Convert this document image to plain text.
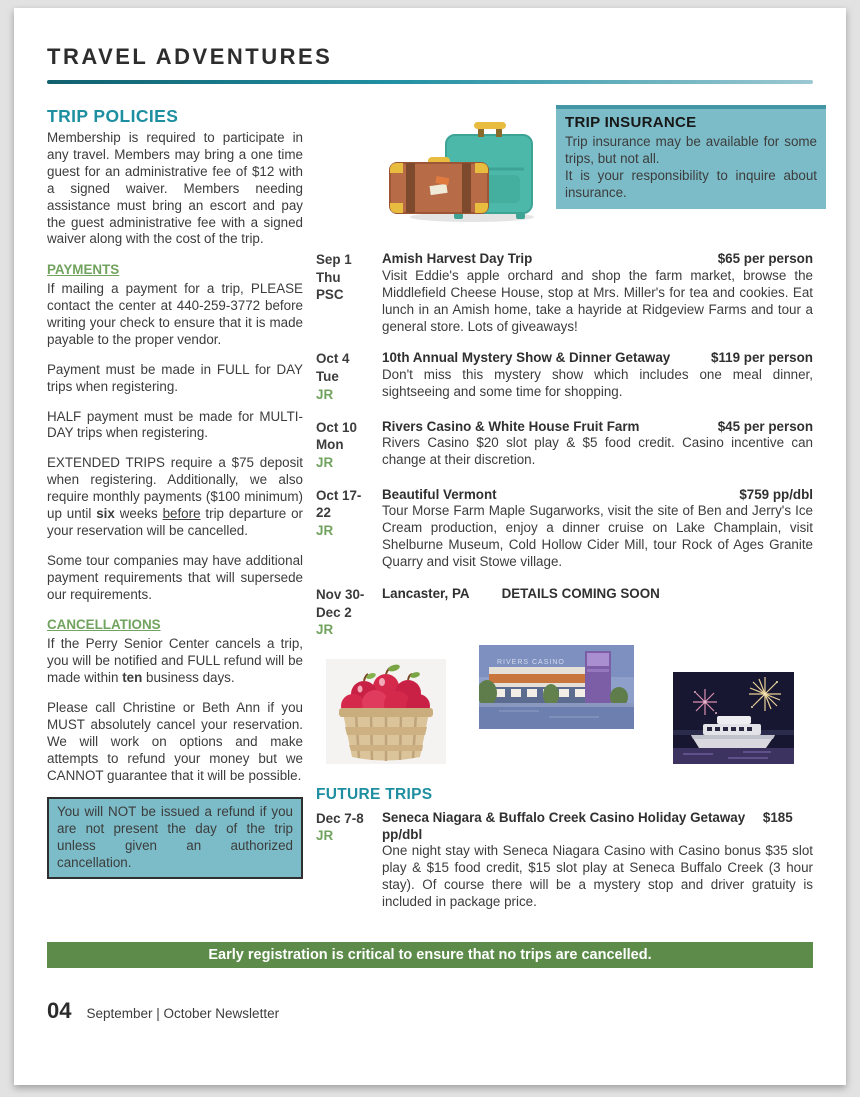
TRAVEL ADVENTURES
TRIP POLICIES

Membership is required to participate in any travel. Members may bring a one time guest for an administrative fee of $12 with a signed waiver. Members needing assistance must bring an escort and pay the guest administrative fee with a signed waiver along with the cost of the trip.

PAYMENTS

If mailing a payment for a trip, PLEASE contact the center at 440-259-3772 before writing your check to ensure that it is made payable to the proper vendor.

Payment must be made in FULL for DAY trips when registering.

HALF payment must be made for MULTI-DAY trips when registering.

EXTENDED TRIPS require a $75 deposit when registering. Additionally, we also require monthly payments ($100 minimum) up until six weeks before trip departure or your reservation will be cancelled.

Some tour companies may have additional payment requirements that will supersede our requirements.

CANCELLATIONS

If the Perry Senior Center cancels a trip, you will be notified and FULL refund will be made within ten business days.

Please call Christine or Beth Ann if you MUST absolutely cancel your reservation. We will work on options and make attempts to refund your money but we CANNOT guarantee that it will be possible.

You will NOT be issued a refund if you are not present the day of the trip unless given an authorized cancellation.
TRIP INSURANCE
Trip insurance may be available for some trips, but not all.
It is your responsibility to inquire about insurance.
Sep 1
Thu
PSC
Amish Harvest Day Trip	$65 per person
Visit Eddie's apple orchard and shop the farm market, browse the Middlefield Cheese House, stop at Mrs. Miller's for tea and cookies. Eat lunch in an Amish home, take a hayride at Ridgeview Farms and tour a general store. Lots of giveaways!
Oct 4
Tue
JR
10th Annual Mystery Show & Dinner Getaway	$119 per person
Don't miss this mystery show which includes one meal dinner, sightseeing and some time for shopping.
Oct 10
Mon
JR
Rivers Casino & White House Fruit Farm	$45 per person
Rivers Casino $20 slot play & $5 food credit. Casino incentive can change at their discretion.
Oct 17-
22
JR
Beautiful Vermont	$759 pp/dbl
Tour Morse Farm Maple Sugarworks, visit the site of Ben and Jerry's Ice Cream production, enjoy a dinner cruise on Lake Champlain, visit Shelburne Museum, Cold Hollow Cider Mill, tour Rock of Ages Granite Quarry and visit Stowe village.
Nov 30-
Dec 2
JR
Lancaster, PA DETAILS COMING SOON
RIVERS CASINO
FUTURE TRIPS
Dec 7-8
JR
Seneca Niagara & Buffalo Creek Casino Holiday Getaway $185 pp/dbl
One night stay with Seneca Niagara Casino with Casino bonus $35 slot play & $15 food credit, $15 slot play at Seneca Buffalo Creek (3 hour stay). Of course there will be a mystery stop and driver gratuity is included in package price.
Early registration is critical to ensure that no trips are cancelled.
04 September | October Newsletter
